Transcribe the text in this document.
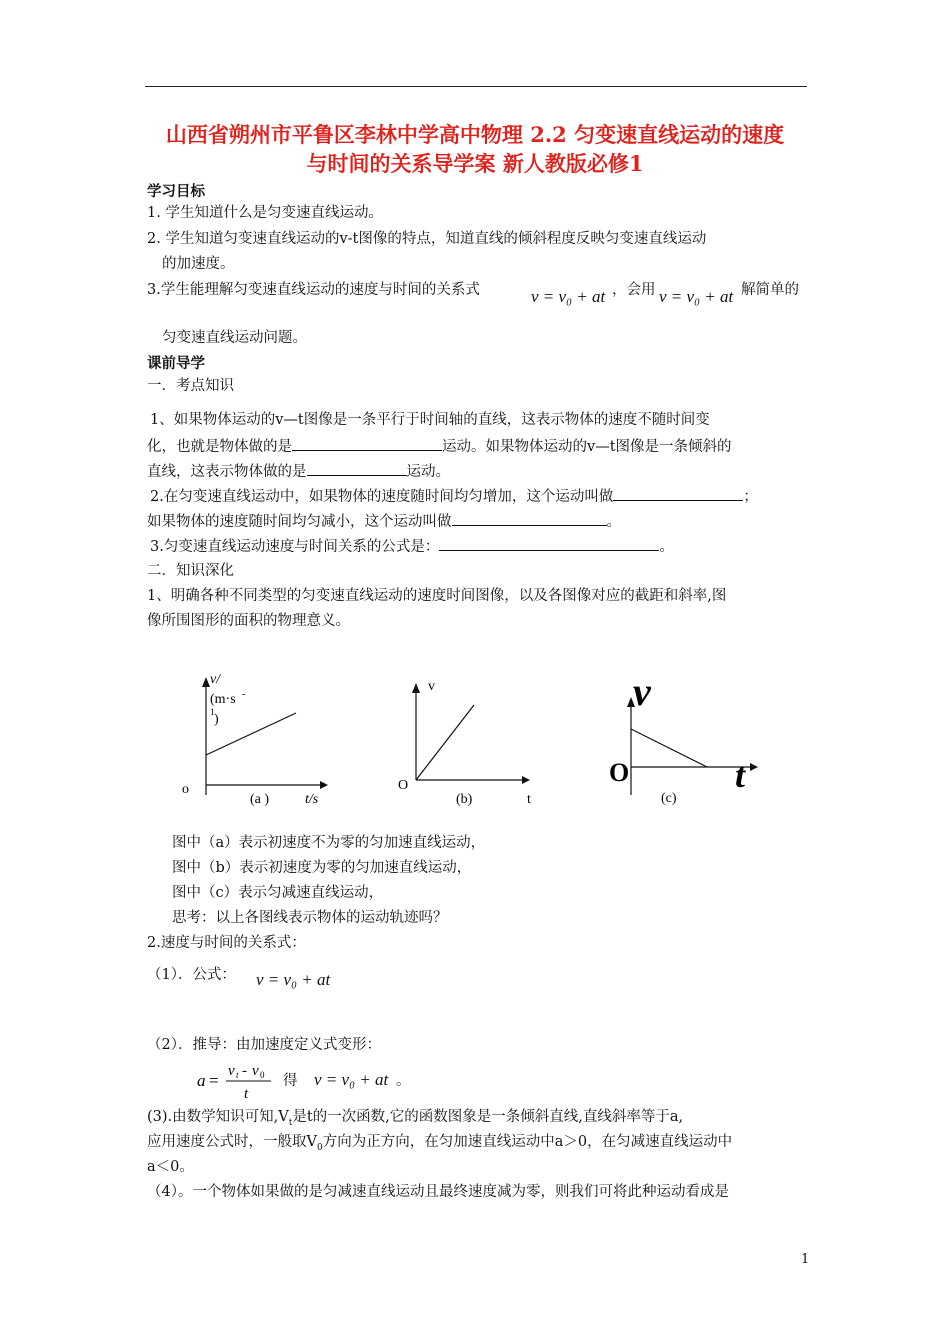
山西省朔州市平鲁区李林中学高中物理 2.2 匀变速直线运动的速度
与时间的关系导学案 新人教版必修1
学习目标
1. 学生知道什么是匀变速直线运动。
2. 学生知道匀变速直线运动的v-t图像的特点，知道直线的倾斜程度反映匀变速直线运动
的加速度。
3.学生能理解匀变速直线运动的速度与时间的关系式	v = v₀ + at ，会用 v = v₀ + at 解简单的
匀变速直线运动问题。
课前导学
一．考点知识
1、如果物体运动的v—t图像是一条平行于时间轴的直线，这表示物体的速度不随时间变
化，也就是物体做的是	运动。如果物体运动的v—t图像是一条倾斜的
直线，这表示物体做的是	运动。
2.在匀变速直线运动中，如果物体的速度随时间均匀增加，这个运动叫做	；
如果物体的速度随时间均匀减小，这个运动叫做	。
3.匀变速直线运动速度与时间关系的公式是：	。
二．知识深化
1、明确各种不同类型的匀变速直线运动的速度时间图像，以及各图像对应的截距和斜率,图
像所围图形的面积的物理意义。
v/
(m·s -
1 )
o
(a )	t/s
v
O
(b)	t
v
O	t
(c)
图中（a）表示初速度不为零的匀加速直线运动，
图中（b）表示初速度为零的匀加速直线运动，
图中（c）表示匀减速直线运动，
思考：以上各图线表示物体的运动轨迹吗？
2.速度与时间的关系式：
（1）．公式： v = v₀ + at
（2）．推导：由加速度定义式变形：
a = v t - v 0
t
得 v = v₀ + at 。
(3).由数学知识可知$,V_t$是t的一次函数,它的函数图象是一条倾斜直线,直线斜率等于a,
应用速度公式时，一般取$V_0$方向为正方向，在匀加速直线运动中a＞0，在匀减速直线运动中
a＜0。
（4）。一个物体如果做的是匀减速直线运动且最终速度减为零，则我们可将此种运动看成是
1
